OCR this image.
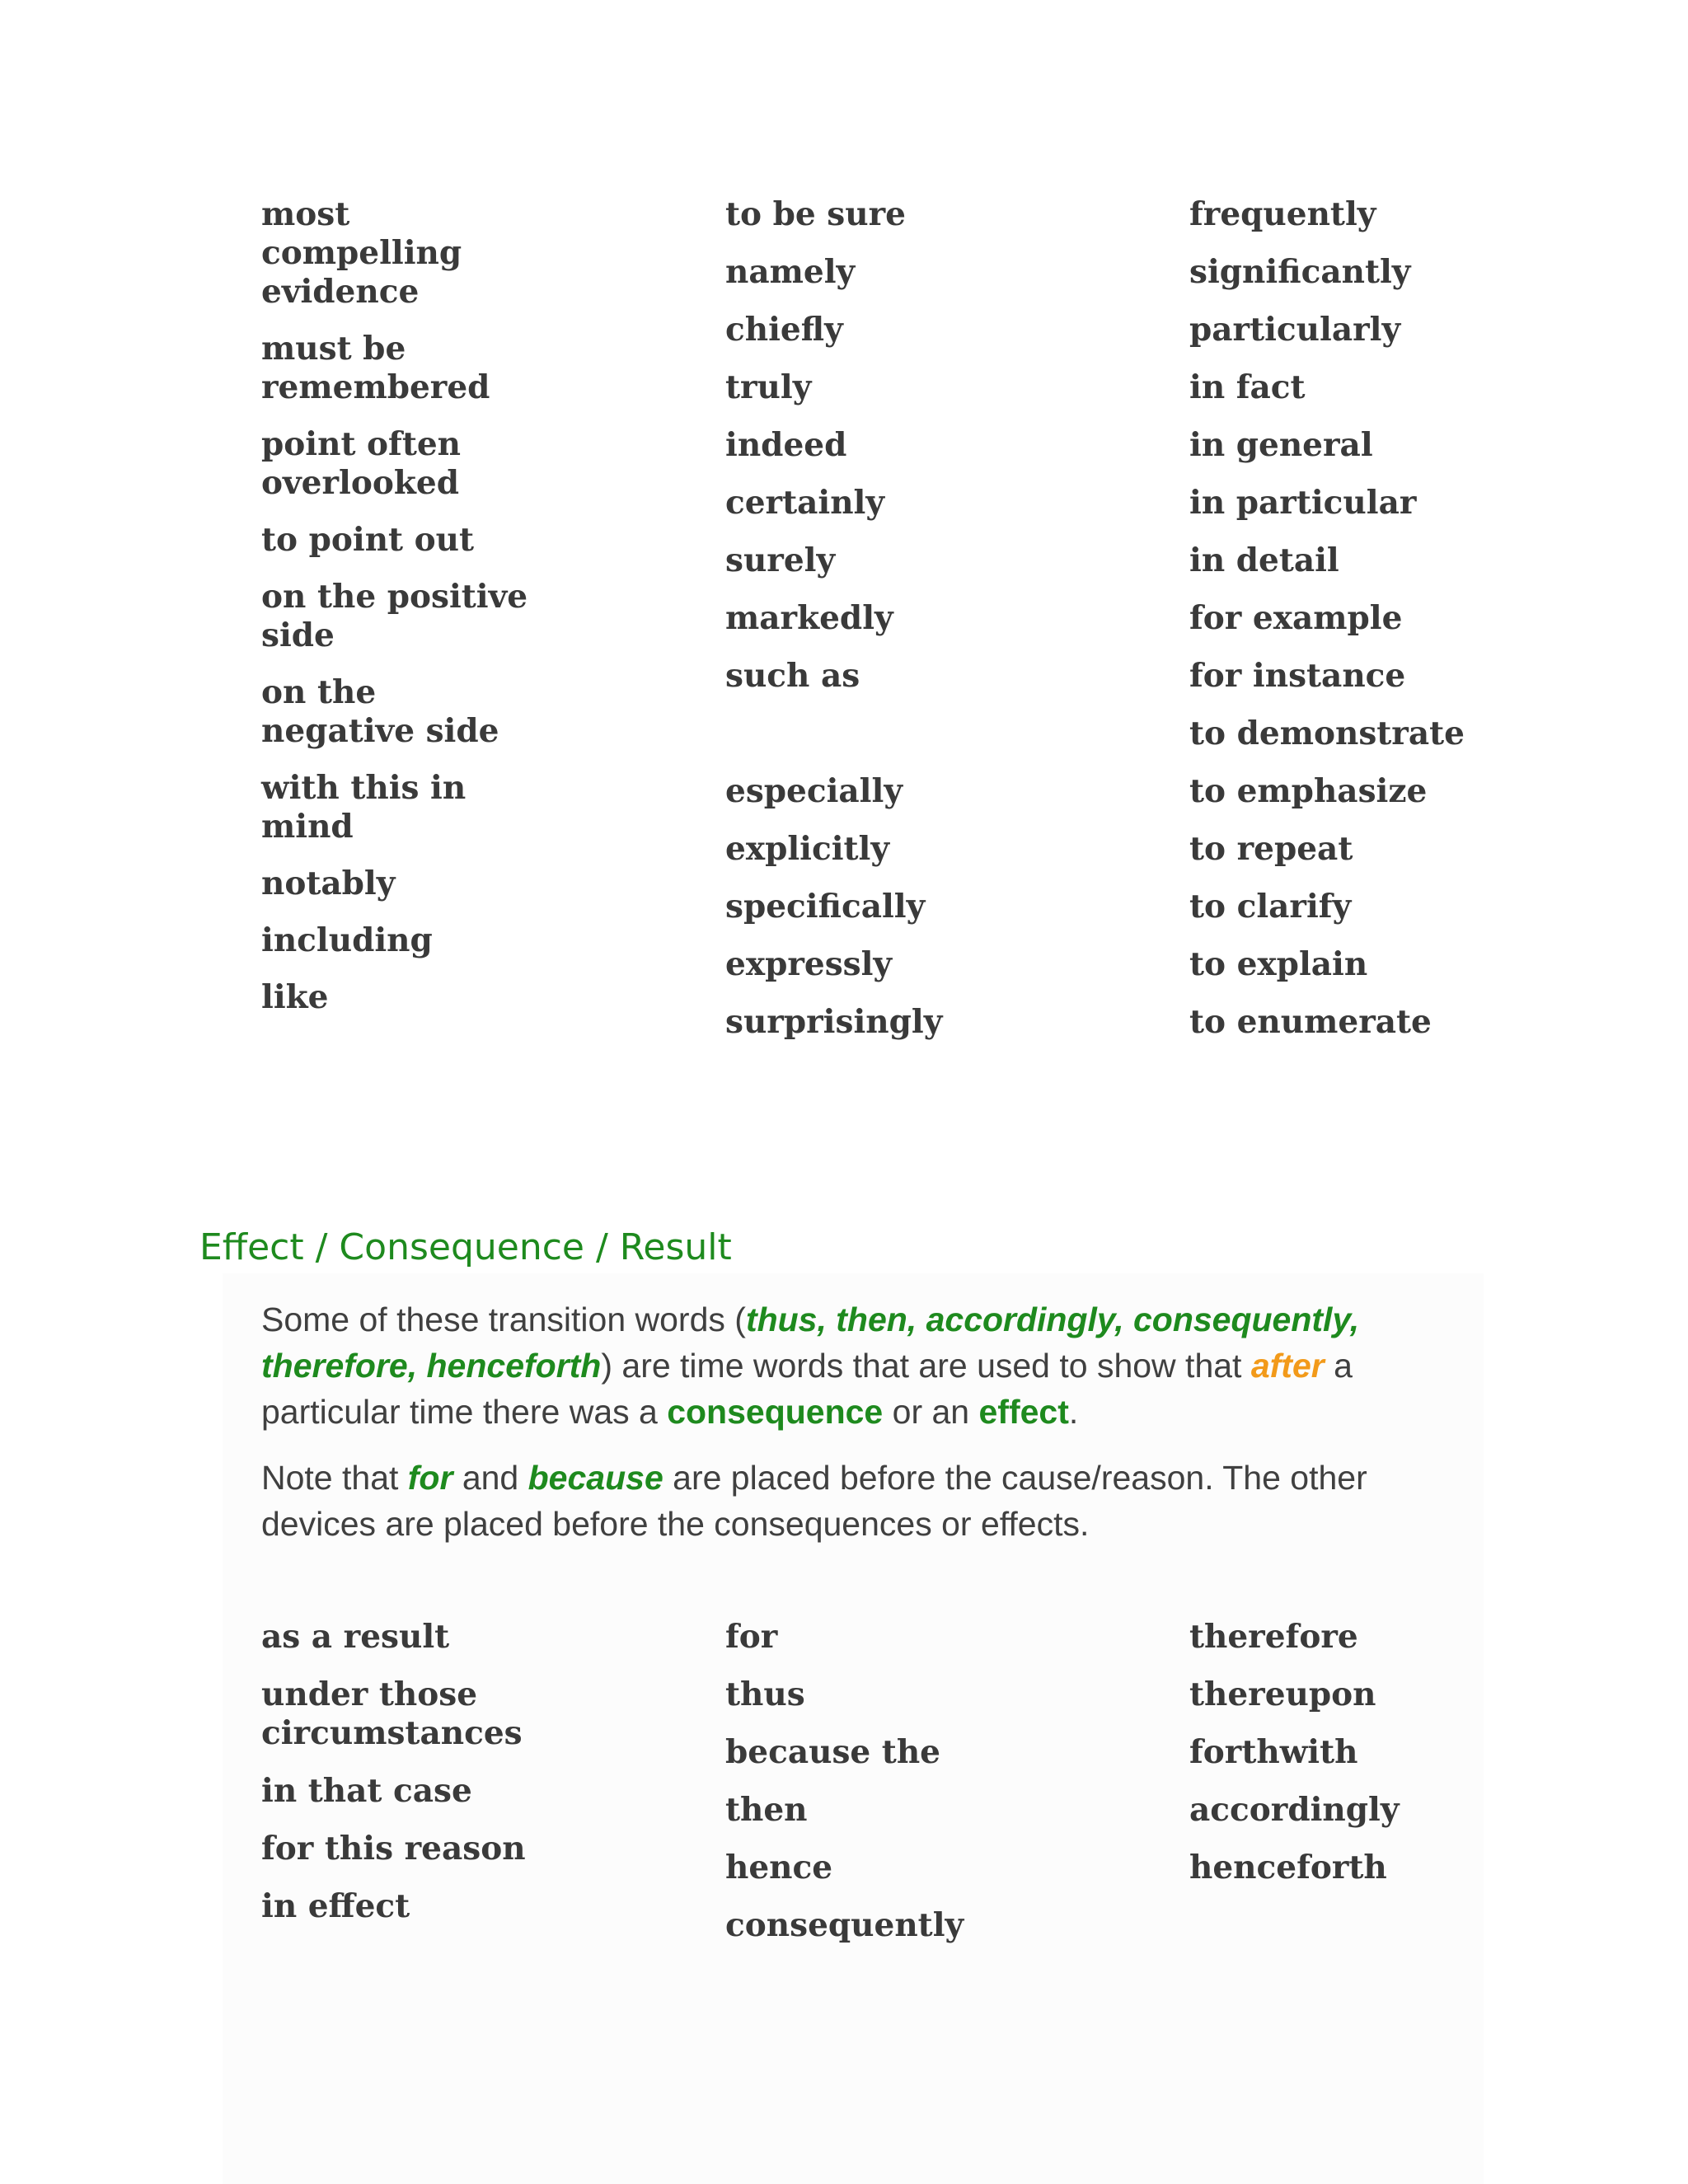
most compelling evidence
must be remembered
point often overlooked
to point out
on the positive side
on the negative side
with this in mind
notably
including
like
to be sure
namely
chiefly
truly
indeed
certainly
surely
markedly
such as
especially
explicitly
specifically
expressly
surprisingly
frequently
significantly
particularly
in fact
in general
in particular
in detail
for example
for instance
to demonstrate
to emphasize
to repeat
to clarify
to explain
to enumerate
Effect / Consequence / Result

Some of these transition words (thus, then, accordingly, consequently, therefore, henceforth) are time words that are used to show that after a particular time there was a consequence or an effect.

Note that for and because are placed before the cause/reason. The other devices are placed before the consequences or effects.

as a result
under those circumstances
in that case
for this reason
in effect
for
thus
because the
then
hence
consequently
therefore
thereupon
forthwith
accordingly
henceforth
